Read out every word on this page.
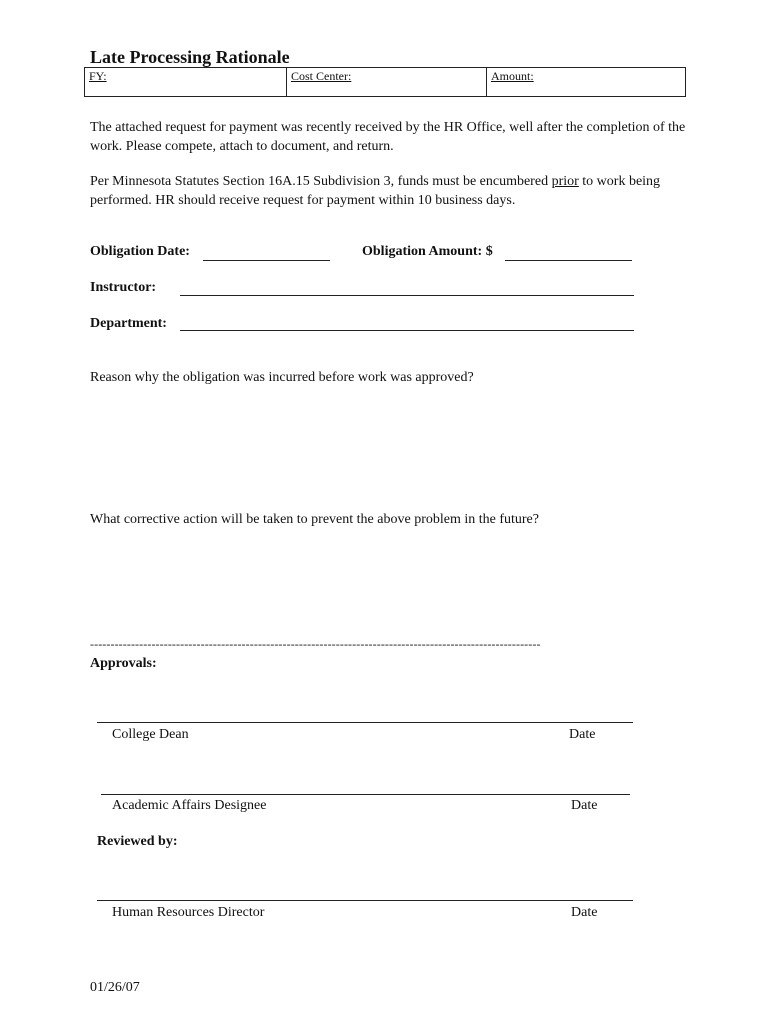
Late Processing Rationale
FY:	Cost Center:	Amount:
The attached request for payment was recently received by the HR Office, well after the completion of the work. Please compete, attach to document, and return.
Per Minnesota Statutes Section 16A.15 Subdivision 3, funds must be encumbered prior to work being performed. HR should receive request for payment within 10 business days.
Obligation Date:	Obligation Amount: $
Instructor:
Department:
Reason why the obligation was incurred before work was approved?
What corrective action will be taken to prevent the above problem in the future?
--------------------------------------------------------------------------------------------------------------
Approvals:
College Dean	Date
Academic Affairs Designee	Date
Reviewed by:
Human Resources Director	Date
01/26/07
